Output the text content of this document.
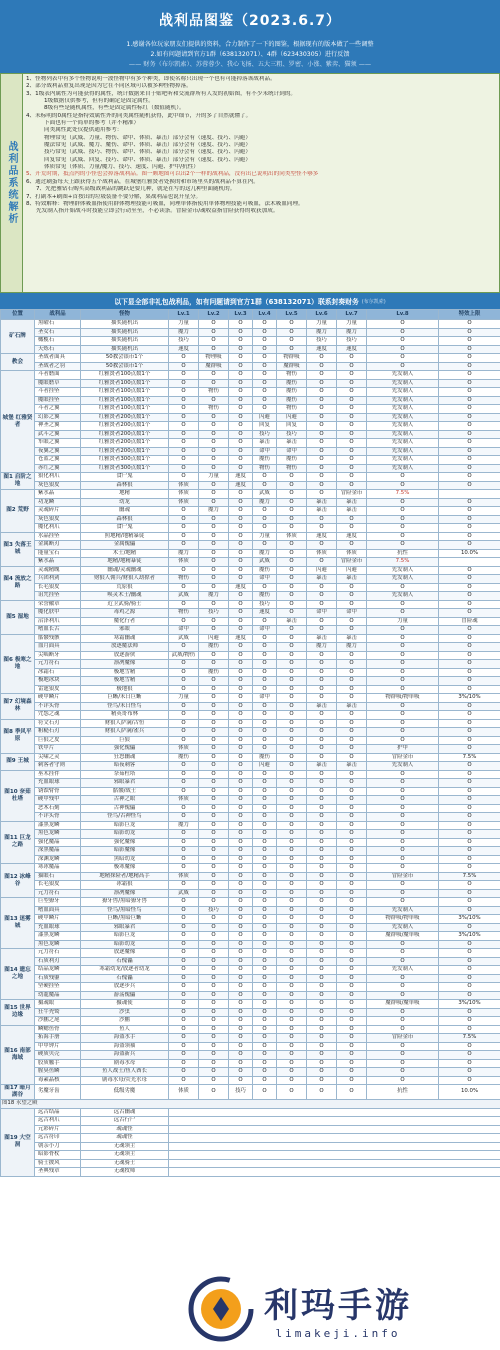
战利品图鉴（2023.6.7）
1.感谢各位玩家朋友们提供的资料，合力制作了一下的图鉴，根据现有的版本做了一些调整
2.如有问题请到官方1群（638132071）、4群（623430305）进行反馈
—— 财务（布尔凯索）、苏蓉蓉少、我心飞扬、五大三粗、罗密、小涨、紫弈、猫须 ——
战利品系统解析
1、怪物列表中有多个怪物说明一波怪物中有多个种类，即使名称只出现一个也有可能掉落该战利品。
2、部分战利品重复出现是因为它在不同区域可以被多种怪物掉落。
3、1级表内属性为可能获得的属性，统计数据来自于贴吧听和交流群所有人发的初始图，有不少未统计到的。
1级数据仅供参考，但有的确定是固定属性。
8级有些是随机属性，有些是固定属性标红（数值随机）。
4、未标明的0属性是指特效属性外的同类属性随机获得，此中细节，升的多了自然就懂了。
下面也有一个简单的参考（并不精准）
同类属性此处仅提供通用参考：
物理常见（武威、力量、物伤、命中、体质、暴击）部分会有（速度、技巧、闪避）
魔法常见（武威、魔力、魔伤、命中、体质、暴击）部分会有（速度、技巧、闪避）
技巧常见（武威、技巧、物伤、命中、体质、暴击）部分会有（速度、技巧、闪避）
回复常见（武威、回复、技巧、命中、体质、暴击）部分会有（速度、技巧、闪避）
体质常见（体质、力量/魔力、技巧、速度、闪避、护甲/抗性）
5、开荒时期，抵点内的小怪也会掉落战利品。图一颇地图可以出2个一样的战利品，没有出已说明出的同类型怪不够多
6、通过刷蛋每天上跟获得五个战利品，在城堡红雅贤者处换的和市场里买的战利品不算在内。
7、先把雅钻石购买高级战利品的跳跃是要几种，就是在写的这几种里面随机的。
7、打副本+刷图+首按出的垃圾装备不要分解，果战利品也说升星分。
8、特效解释：物理群体吸血指使用群体物理技能可吸血，同理单体指使用单体物理技能可吸血，法术吸血同理。
先发制人指开始战斗时技能立即会行动至至，不必读条。冒险金币/魂收益指冒险获得的收获加成。
以下显全部非礼包战利品，如有问题请到官方1群（638132071）联系封奏财务 (布尔凯索)
位置	战利品	怪物	Lv.1	Lv.2	Lv.3	Lv.4	Lv.5	Lv.6	Lv.7	Lv.8	特效上限
矿石牌	黑曜石	抽奖随机出	力量	O	O	O	O	力量	力量	O	O
	圣女石	抽奖随机出	魔力	O	O	O	O	魔力	魔力	O	O
	橄榄石	抽奖随机出	技巧	O	O	O	O	技巧	技巧	O	O
	天炼石	抽奖随机出	速度	O	O	O	O	速度	速度	O	O
教会	圣战者面具	50教会银币1个	O	物理吸	O	O	物群吸	O	O	O	O
	圣战者之羽	50教会银币1个	O	魔群吸	O	O	魔群吸	O	O	O	O
城堡 红雅贤者	斗者磨面	红雅贤者100点数1个	O	O	O	O	物伤	O	O	先发制人	O
	魔眼磨草	红雅贤者100点数1个	O	O	O	O	魔伤	O	O	先发制人	O
	斗者挂坠	红雅贤者100点数1个	O	物伤	O	O	魔伤	O	O	先发制人	O
	魔眼挂坠	红雅贤者100点数1个	O	O	O	O	魔伤	O	O	先发制人	O
	斗者之翼	红雅贤者100点数1个	O	物伤	O	O	物伤	O	O	先发制人	O
	幻影之翼	红雅贤者200点数1个	O	O	O	闪避	闪避	O	O	先发制人	O
	神圣之翼	红雅贤者200点数1个	O	O	O	回复	回复	O	O	先发制人	O
	武斗之翼	红雅贤者200点数1个	O	O	O	技巧	技巧	O	O	先发制人	O
	隼眼之翼	红雅贤者200点数1个	O	O	O	暴击	暴击	O	O	先发制人	O
	夜翼之翼	红雅贤者200点数1个	O	O	O	命中	命中	O	O	先发制人	O
	苍蓝之翼	红雅贤者300点数1个	O	O	O	魔伤	魔伤	O	O	先发制人	O
	赤红之翼	红雅贤者300点数1个	O	O	O	物伤	物伤	O	O	先发制人	O
图1 启阶之地	狼化利爪	食尸鬼	O	力量	速度	O	O	O	O	O	O
	灰色狼皮	森林狼	体质	O	速度	O	O	O	O	O	O
图2 荒野	紫水晶	地精	体质	O	O	武威	O	O	冒险金币	7.5%	
	功龙鳞	幼龙	体质	O	O	魔力	O	暴击	暴击	O	O
	灵魂碎片	幽魂	O	魔力	O	O	O	暴击	暴击	O	O
	灰色狼皮	森林狼	O	O	O	O	O	O	O	O	O
	魔化利爪	食尸鬼	O	O	O	O	O	O	O	O	O
图3 失落王城	水晶挂坠	照地精/地精暴徒	O	O	O	力量	体质	速度	速度	O	O
	金属断刃	金属傀儡	O	O	O	O	O	O	O	O	O
	能量宝石	术士/地精	魔力	O	O	魔力	O	体质	体质	抗性	10.0%
	紫水晶	地精/地精暴徒	体质	O	O	武威	O	O	冒险金币	7.5%	
图4 流放之路	灵魂精魄	幽魂/灵魂幽魂	O	O	O	魔伤	O	闪避	闪避	先发制人	O
	兵团利剑	财狼人佣兵/财狼人劫掠者	物伤	O	O	命中	O	暴击	暴击	先发制人	O
	长毛狼皮	荒原狼	O	O	速度	O	O	O	O	O	O
	诅咒挂坠	唤灵术士/幽魂	武威	魔力	O	魔伤	O	O	O	先发制人	O
图5 湿地	荣誉徽章	近卫武骑/骑士	O	O	O	技巧	O	O	O	O	O
	魔化肤甲	毒鸡之源	物伤	技巧	O	速度	O	命中	命中	O	O
	沼泽利爪	魔化行者	O	O	O	O	暴击	O	O	力量	冒险魂
	嗜血长舌	邪眼	命中	O	O	命中	O	O	O	O	O
图6 极寒之地	骷髅残骸	寒霜幽魂	武威	闪避	速度	O	O	暴击	暴击	O	O
	血月面具	放逐魔法师	O	魔伤	O	O	O	魔力	魔力	O	O
	尖啮断牙	放逐游侠	武威/物伤	O	O	O	O	O	O	O	O
	元力符石	凛冽魔像	O	O	O	O	O	O	O	O	O
	冰霜石	极地雪精	O	魔伤	O	O	O	O	O	O	O
	极地冰块	极地雪精	O	O	O	O	O	O	O	O	O
	雷霆狼皮	极地狼	O	O	O	O	O	O	O	O	O
图7 幻境森林	硬甲鳞片	巨蜥/末日巨蜥	力量	O	O	命中	O	O	O	物群吸/物单吸	3%/10%
	不详头骨	怪鸟/末日怪鸟	O	O	O	O	O	暴击	暴击	O	O
	咒怨之魂	精英哥布林	O	O	O	O	O	O	O	O	O
图8 季风平原	符文石刃	财狼人萨满/古恒	O	O	O	O	O	O	O	O	O
	粗糙石刃	财狼人萨满/雀兵	O	O	O	O	O	O	O	O	O
	巨狼之皮	巨狼	O	O	O	O	O	O	O	O	O
	铁甲片	强化傀儡	体质	O	O	O	O	O	O	护甲	O
图9 王城	尖啸之灵	狂怒幽魂	魔伤	O	O	魔伤	O	O	O	冒险金币	7.5%
	刺客者守则	暗夜刺客	O	O	O	闪避	O	暴击	暴击	先发制人	O
图10 奈茹杜塔	巫术挂件	奈茹杜塔	O	O	O	O	O	O	O	O	O
	充血眼球	邪眼暴君	O	O	O	O	O	O	O	O	O
	锈蚀臂骨	骷髅/战士	O	O	O	O	O	O	O	O	O
	硬甲残甲	古神之眼	体质	O	O	O	O	O	O	O	O
	恶木石刻	古神傀儡	O	O	O	O	O	O	O	O	O
	不详头骨	怪鸟/古神怪鸟	O	O	O	O	O	O	O	O	O
图11 巨龙之路	漆黑龙鳞	暗影巨龙	魔力	O	O	O	O	O	O	O	O
	黑色龙鳞	暗影幼龙	O	O	O	O	O	O	O	O	O
	强化魔晶	强化魔像	O	O	O	O	O	O	O	O	O
	深黑魔晶	暗影魔像	O	O	O	O	O	O	O	O	O
	深渊龙鳞	黑暗幼龙	O	O	O	O	O	O	O	O	O
图12 冰峰谷	寒冰魔晶	极寒魔像	O	O	O	O	O	O	O	O	O
	猫眼石	地精探险者/地精高手	体质	O	O	O	O	O	O	冒险金币	7.5%
	长毛狼皮	冰霜狼	O	O	O	O	O	O	O	O	O
	元力符石	凛冽魔像	武威	O	O	O	O	O	O	O	O
图13 迷雾城	巨型獠牙	獠牙兽/黑暗獠牙兽	O	O	O	O	O	O	O	O	O
	嗜血面具	怪鸟/黑暗怪鸟	O	技巧	O	O	O	O	O	先发制人	O
	硬甲鳞片	巨蜥/黑暗巨蜥	O	O	O	O	O	O	O	物群吸/物单吸	3%/10%
	充血眼球	邪眼暴君	O	O	O	O	O	O	O	先发制人	O
	漆黑龙鳞	暗影巨龙	O	O	O	O	O	O	O	魔群吸/魔单吸	3%/10%
	黑色龙鳞	暗影幼龙	O	O	O	O	O	O	O	O	O
图14 遗忘之地	元力符石	放逐魔像	O	O	O	O	O	O	O	O	O
	石质利刃	石傀儡	O	O	O	O	O	O	O	O	O
	结晶龙鳞	寒霜幼龙/放逐者幼龙	O	O	O	O	O	O	O	先发制人	O
	石质残躯	石傀儡	O	O	O	O	O	O	O	O	O
	坚硬挂坠	放逐步兵	O	O	O	O	O	O	O	O	O
	幼龍魔晶	游荡傀儡	O	O	O	O	O	O	O	O	O
图15 世界边缘	摄魂眼	摄魂使	O	O	O	O	O	O	O	魔群吸/魔单吸	3%/10%
	狂牛秃鹫	沙虫	O	O	O	O	O	O	O	O	O
	沙鹏之尾	沙鹏	O	O	O	O	O	O	O	O	O
图16 南部海域	鳞鳃鱼骨	鱼人	O	O	O	O	O	O	O	O	O
	拓海手册	海盗水手	O	O	O	O	O	O	O	冒险金币	7.5%
	甲甲钟片	海盗领袖	O	O	O	O	O	O	O	O	O
	硬质贝壳	海盗新兵	O	O	O	O	O	O	O	O	O
	胶质触手	剧毒水母	O	O	O	O	O	O	O	O	O
	腥臭鱼鳞	鱼人战士/鱼人酋长	O	O	O	O	O	O	O	O	O
	毒素晶核	剧毒水母/荧光水母	O	O	O	O	O	O	O	O	O
图17 暗月湖谷	劣魔牙齿	低级劣魔	体质	O	技巧	O	O	O	O	抗性	10.0%
图18 永望之殿											
图19 大空洞	远古结晶	远古幽魂									
	远古利爪	远古行尸									
	元彩碎片	魂魂怪									
	远古符印	魂魂怪									
	朝亲小刀	无魂领主									
	暗影骨杖	无魂领主									
	骑士披风	无魂骑士									
	圣典残章	无魂牧师									
利玛手游
limakeji.info
